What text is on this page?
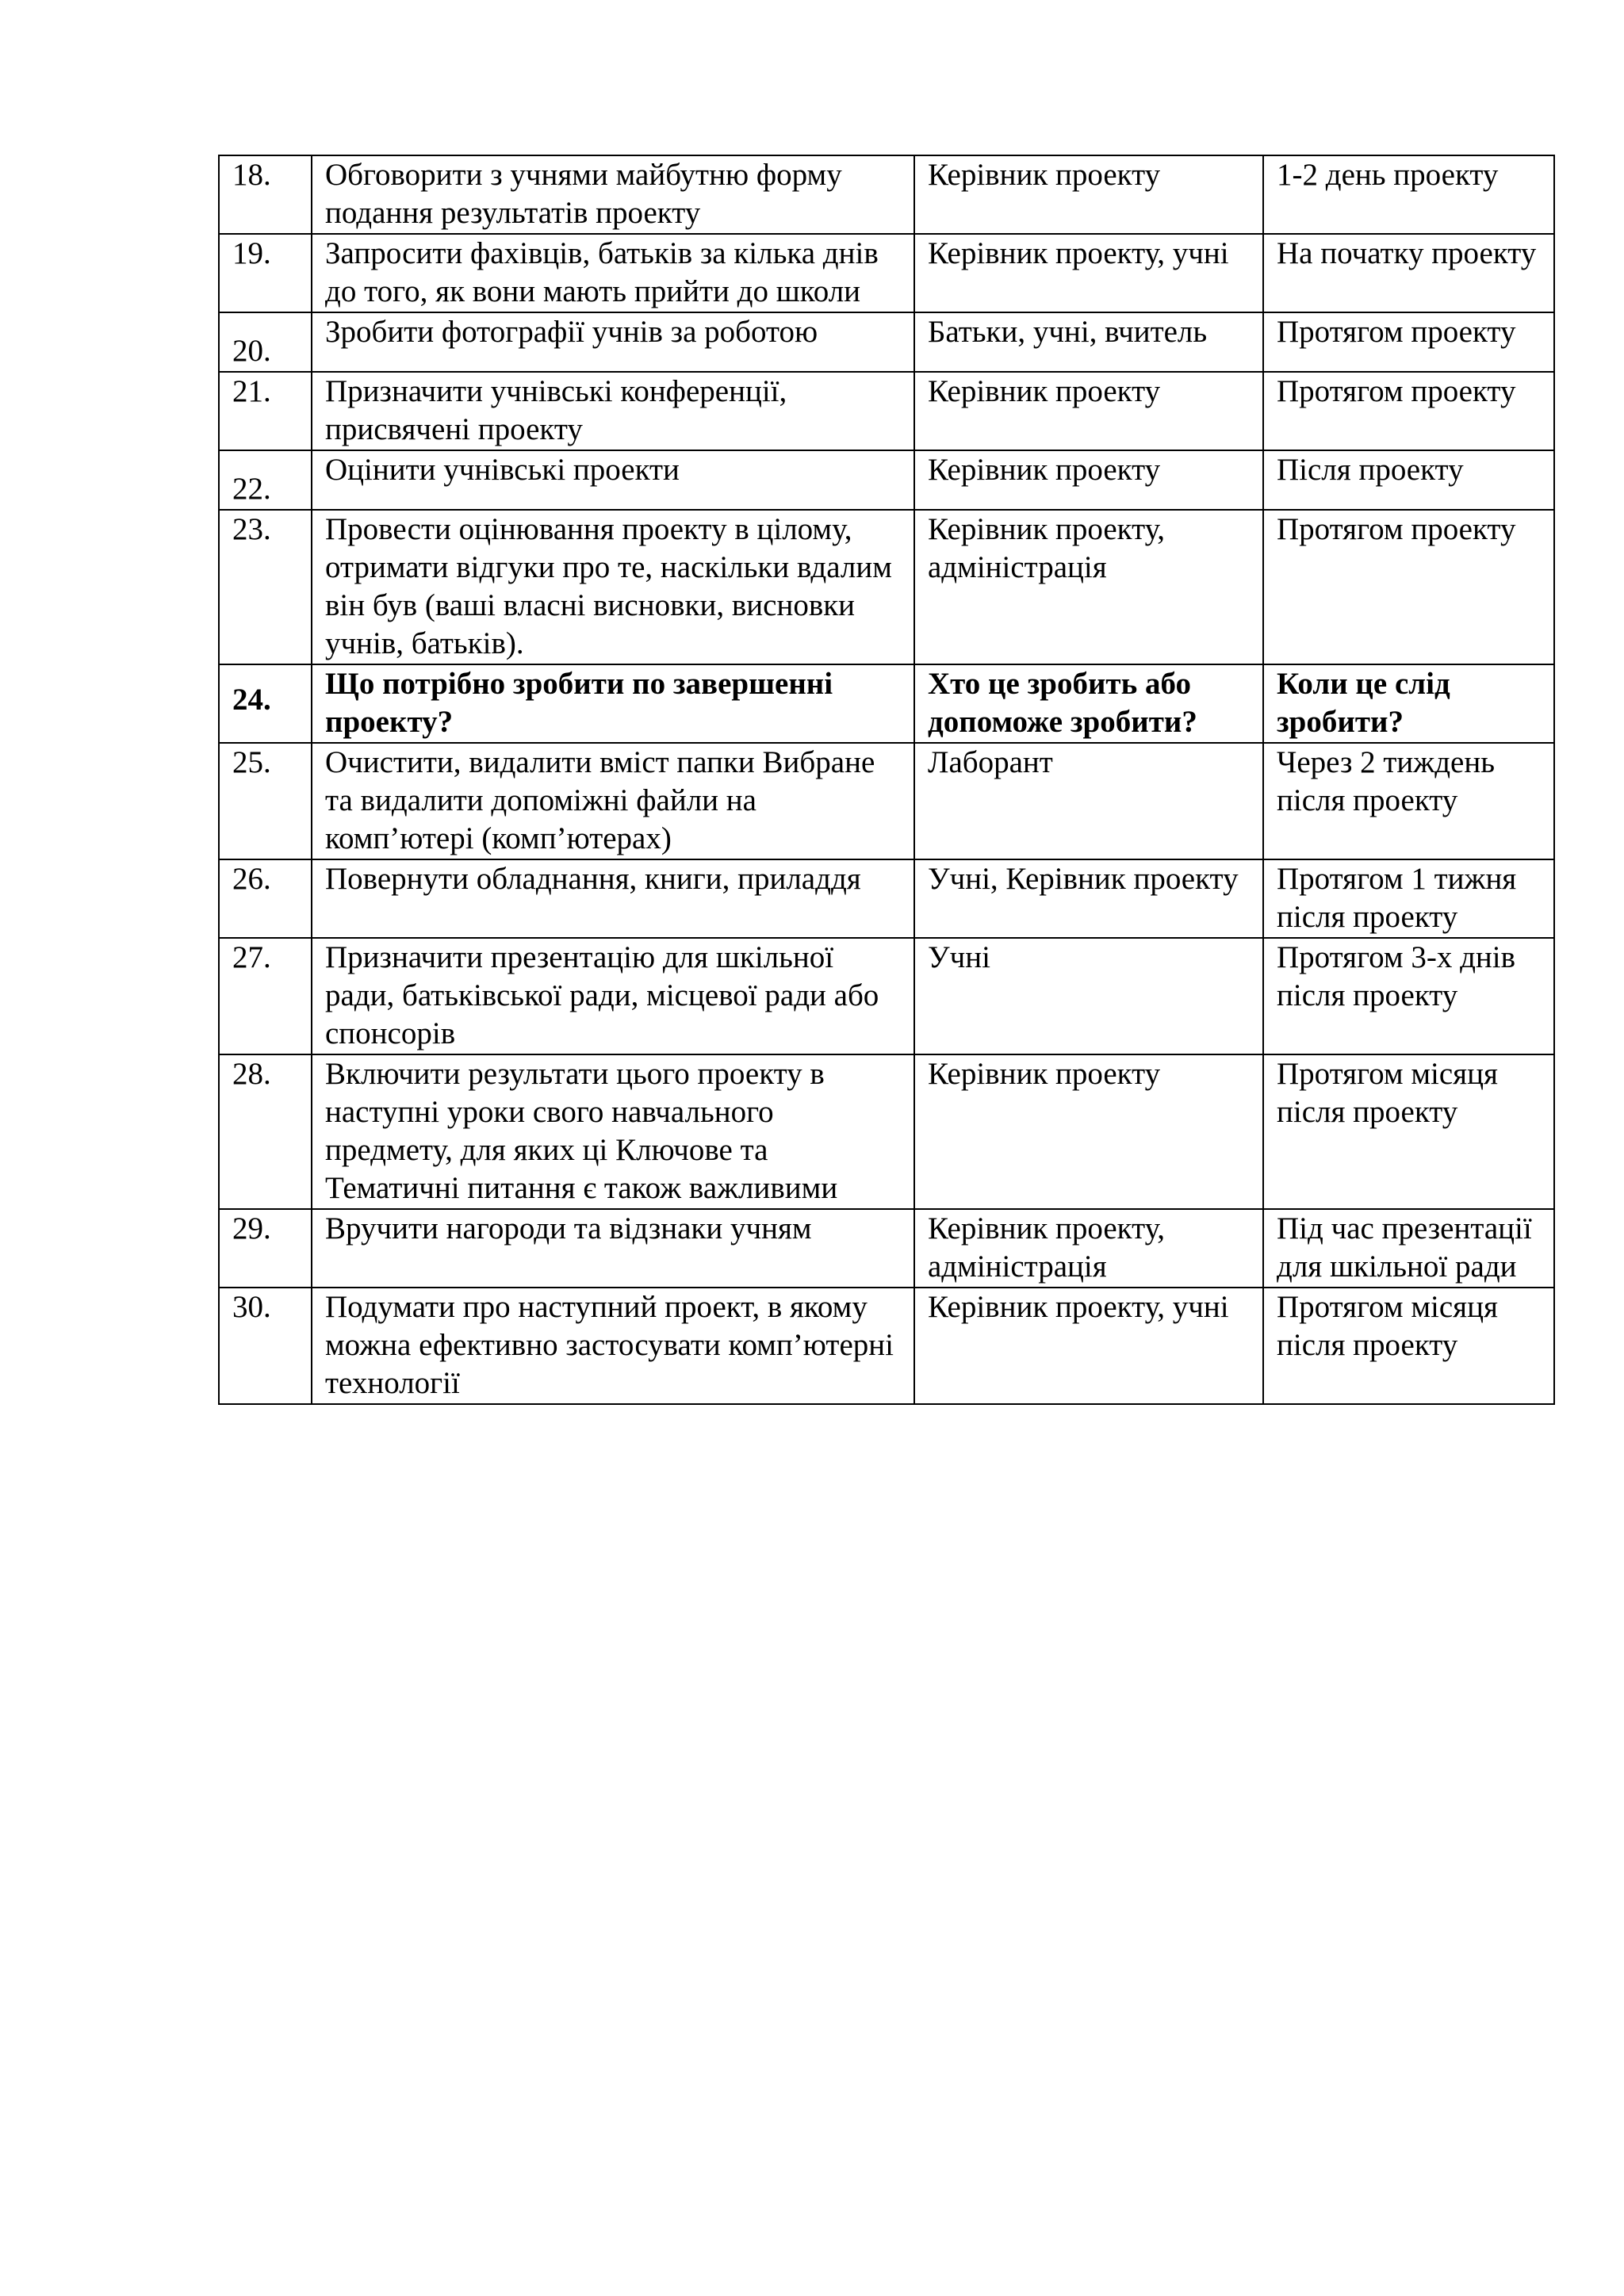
18.	Обговорити з учнями майбутню форму подання результатів проекту	Керівник проекту	1-2 день проекту
19.	Запросити фахівців, батьків за кілька днів до того, як вони мають прийти до школи	Керівник проекту, учні	На початку проекту
20.	Зробити фотографії учнів за роботою	Батьки, учні, вчитель	Протягом проекту
21.	Призначити учнівські конференції, присвячені проекту	Керівник проекту	Протягом проекту
22.	Оцінити учнівські проекти	Керівник проекту	Після проекту
23.	Провести оцінювання проекту в цілому, отримати відгуки про те, наскільки вдалим він був (ваші власні висновки, висновки учнів, батьків).	Керівник проекту, адміністрація	Протягом проекту
24.	Що потрібно зробити по завершенні проекту?	Хто це зробить або допоможе зробити?	Коли це слід зробити?
25.	Очистити, видалити вміст папки Вибране та видалити допоміжні файли на комп’ютері (комп’ютерах)	Лаборант	Через 2 тиждень після проекту
26.	Повернути обладнання, книги, приладдя	Учні, Керівник проекту	Протягом 1 тижня після проекту
27.	Призначити презентацію для шкільної ради, батьківської ради, місцевої ради або спонсорів	Учні	Протягом 3-х днів після проекту
28.	Включити результати цього проекту в наступні уроки свого навчального предмету, для яких ці Ключове та Тематичні питання є також важливими	Керівник проекту	Протягом місяця після проекту
29.	Вручити нагороди та відзнаки учням	Керівник проекту, адміністрація	Під час презентації для шкільної ради
30.	Подумати про наступний проект, в якому можна ефективно застосувати комп’ютерні технології	Керівник проекту, учні	Протягом місяця після проекту
